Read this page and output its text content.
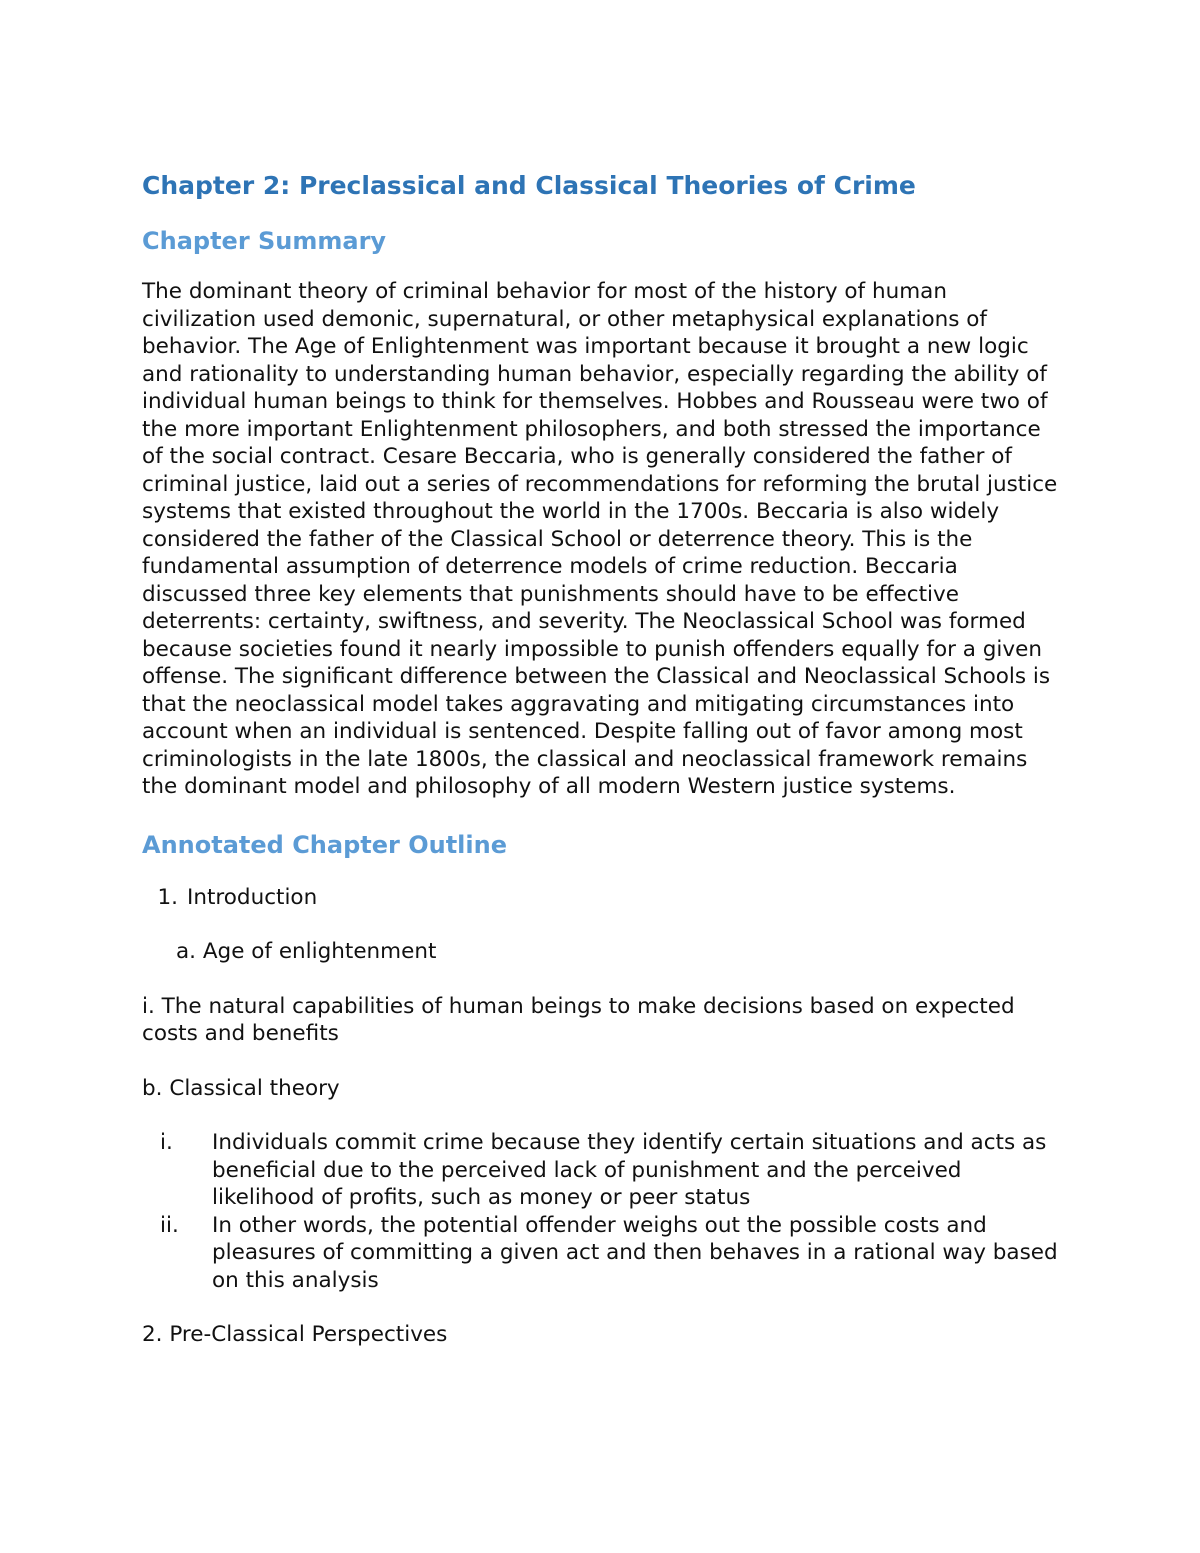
Chapter 2: Preclassical and Classical Theories of Crime
Chapter Summary

The dominant theory of criminal behavior for most of the history of human civilization used demonic, supernatural, or other metaphysical explanations of behavior. The Age of Enlightenment was important because it brought a new logic and rationality to understanding human behavior, especially regarding the ability of individual human beings to think for themselves. Hobbes and Rousseau were two of the more important Enlightenment philosophers, and both stressed the importance of the social contract. Cesare Beccaria, who is generally considered the father of criminal justice, laid out a series of recommendations for reforming the brutal justice systems that existed throughout the world in the 1700s. Beccaria is also widely considered the father of the Classical School or deterrence theory. This is the fundamental assumption of deterrence models of crime reduction. Beccaria discussed three key elements that punishments should have to be effective deterrents: certainty, swiftness, and severity. The Neoclassical School was formed because societies found it nearly impossible to punish offenders equally for a given offense. The significant difference between the Classical and Neoclassical Schools is that the neoclassical model takes aggravating and mitigating circumstances into account when an individual is sentenced. Despite falling out of favor among most criminologists in the late 1800s, the classical and neoclassical framework remains the dominant model and philosophy of all modern Western justice systems.

Annotated Chapter Outline
1. Introduction

a. Age of enlightenment

i. The natural capabilities of human beings to make decisions based on expected costs and benefits

b. Classical theory

i.	Individuals commit crime because they identify certain situations and acts as beneficial due to the perceived lack of punishment and the perceived likelihood of profits, such as money or peer status
ii.	In other words, the potential offender weighs out the possible costs and pleasures of committing a given act and then behaves in a rational way based on this analysis

2. Pre-Classical Perspectives
